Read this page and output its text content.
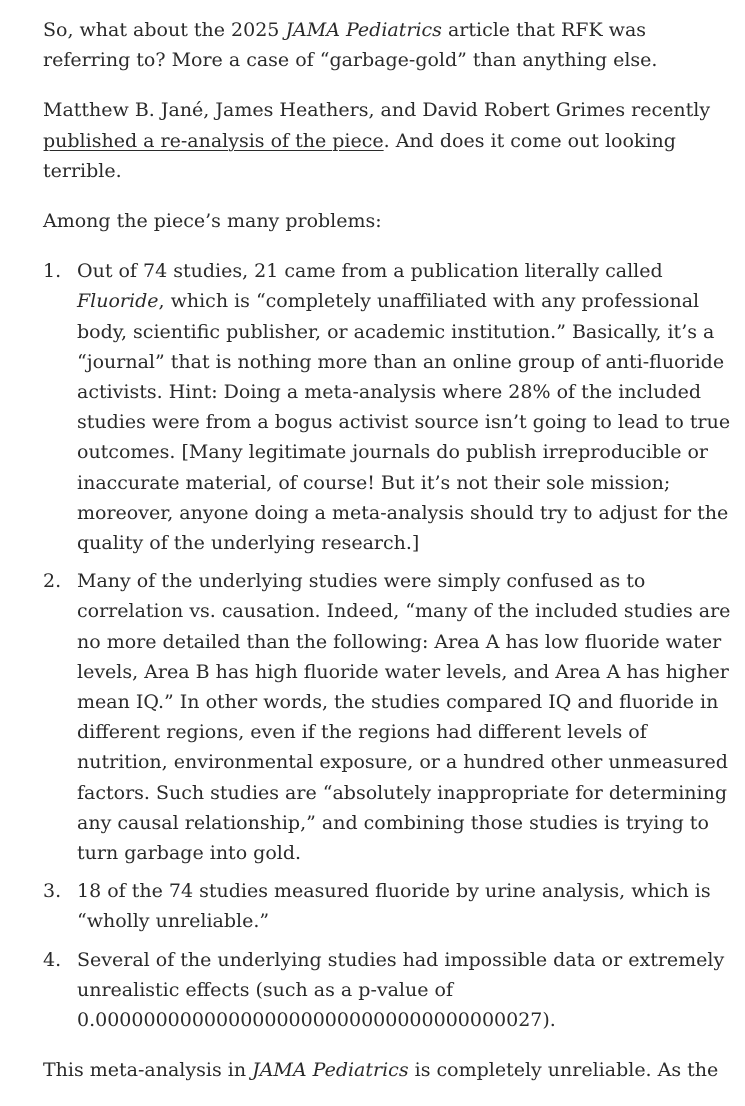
So, what about the 2025 JAMA Pediatrics article that RFK was referring to? More a case of “garbage-gold” than anything else.

Matthew B. Jané, James Heathers, and David Robert Grimes recently published a re-analysis of the piece. And does it come out looking terrible.

Among the piece’s many problems:

1. Out of 74 studies, 21 came from a publication literally called Fluoride, which is “completely unaffiliated with any professional body, scientific publisher, or academic institution.” Basically, it’s a “journal” that is nothing more than an online group of anti-fluoride activists. Hint: Doing a meta-analysis where 28% of the included studies were from a bogus activist source isn’t going to lead to true outcomes. [Many legitimate journals do publish irreproducible or inaccurate material, of course! But it’s not their sole mission; moreover, anyone doing a meta-analysis should try to adjust for the quality of the underlying research.]
2. Many of the underlying studies were simply confused as to correlation vs. causation. Indeed, “many of the included studies are no more detailed than the following: Area A has low fluoride water levels, Area B has high fluoride water levels, and Area A has higher mean IQ.” In other words, the studies compared IQ and fluoride in different regions, even if the regions had different levels of nutrition, environmental exposure, or a hundred other unmeasured factors. Such studies are “absolutely inappropriate for determining any causal relationship,” and combining those studies is trying to turn garbage into gold.
3. 18 of the 74 studies measured fluoride by urine analysis, which is “wholly unreliable.”
4. Several of the underlying studies had impossible data or extremely unrealistic effects (such as a p-value of
0.0000000000000000000000000000000000027).

This meta-analysis in JAMA Pediatrics is completely unreliable. As the
